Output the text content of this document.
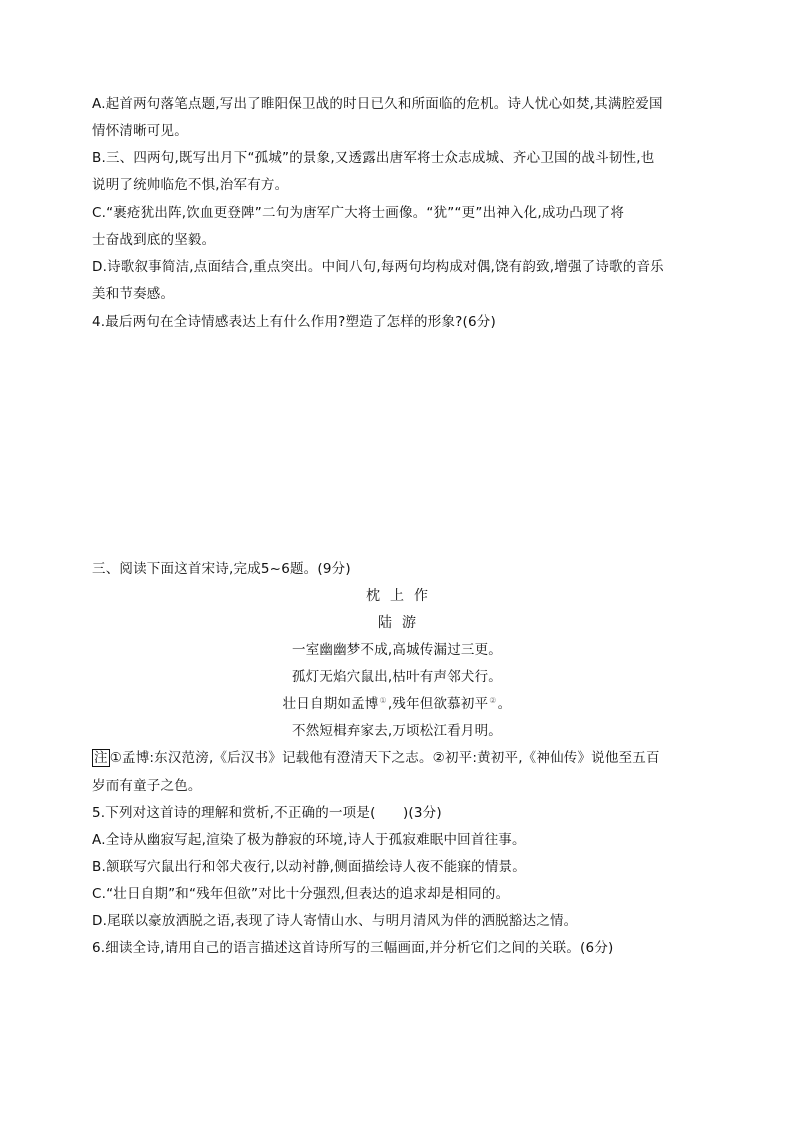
A.起首两句落笔点题,写出了睢阳保卫战的时日已久和所面临的危机。诗人忧心如焚,其满腔爱国
情怀清晰可见。
B.三、四两句,既写出月下“孤城”的景象,又透露出唐军将士众志成城、齐心卫国的战斗韧性,也
说明了统帅临危不惧,治军有方。
C.“裹疮犹出阵,饮血更登陴”二句为唐军广大将士画像。“犹”“更”出神入化,成功凸现了将
士奋战到底的坚毅。
D.诗歌叙事简洁,点面结合,重点突出。中间八句,每两句均构成对偶,饶有韵致,增强了诗歌的音乐
美和节奏感。
4.最后两句在全诗情感表达上有什么作用?塑造了怎样的形象?(6分)
三、阅读下面这首宋诗,完成5~6题。(9分)
枕 上 作
陆 游
一室幽幽梦不成,高城传漏过三更。
孤灯无焰穴鼠出,枯叶有声邻犬行。
壮日自期如孟博①,残年但欲慕初平②。
不然短楫弃家去,万顷松江看月明。
注 ①孟博:东汉范滂,《后汉书》记载他有澄清天下之志。②初平:黄初平,《神仙传》说他至五百
岁而有童子之色。
5.下列对这首诗的理解和赏析,不正确的一项是(　　)(3分)
A.全诗从幽寂写起,渲染了极为静寂的环境,诗人于孤寂难眠中回首往事。
B.颔联写穴鼠出行和邻犬夜行,以动衬静,侧面描绘诗人夜不能寐的情景。
C.“壮日自期”和“残年但欲”对比十分强烈,但表达的追求却是相同的。
D.尾联以豪放洒脱之语,表现了诗人寄情山水、与明月清风为伴的洒脱豁达之情。
6.细读全诗,请用自己的语言描述这首诗所写的三幅画面,并分析它们之间的关联。(6分)
